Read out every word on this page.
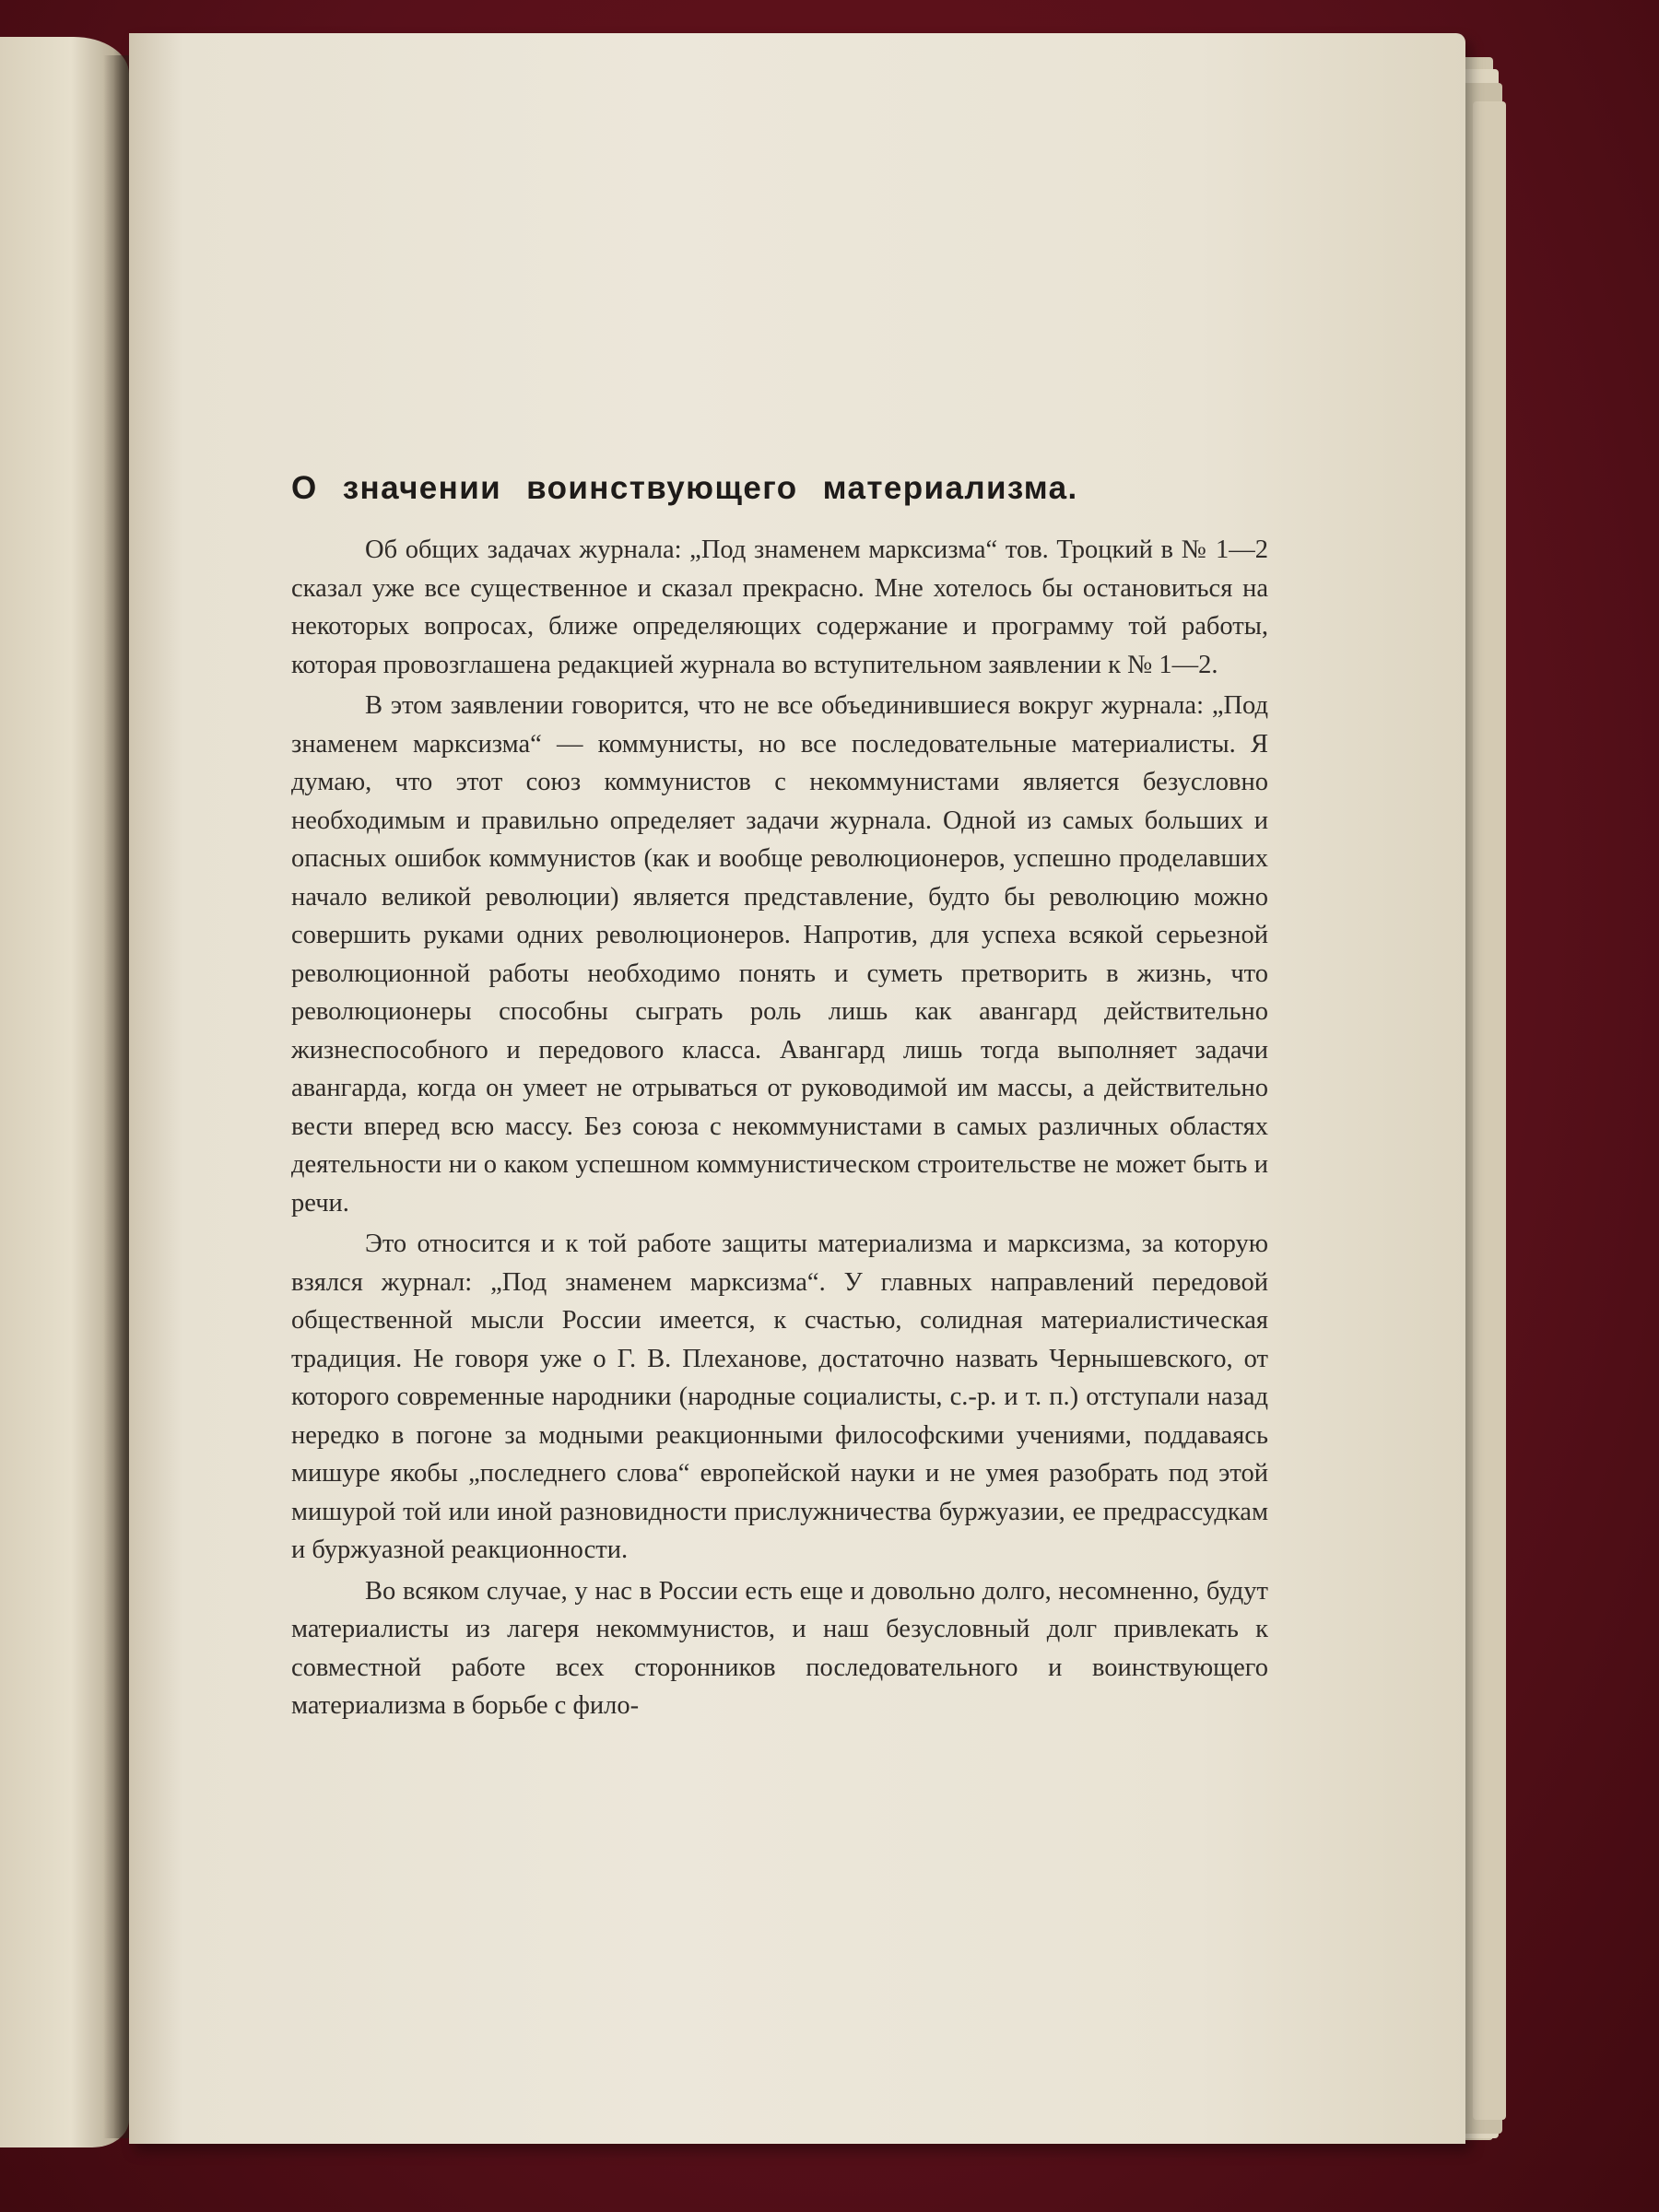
О значении воинствующего материализма.

Об общих задачах журнала: „Под знаменем марксизма“ тов. Троцкий в № 1—2 сказал уже все существенное и сказал прекрасно. Мне хотелось бы остановиться на некоторых вопросах, ближе определяющих содержание и программу той работы, которая провозглашена редакцией журнала во вступительном заявлении к № 1—2.

В этом заявлении говорится, что не все объединившиеся вокруг журнала: „Под знаменем марксизма“ — коммунисты, но все последовательные материалисты. Я думаю, что этот союз коммунистов с некоммунистами является безусловно необходимым и правильно определяет задачи журнала. Одной из самых больших и опасных ошибок коммунистов (как и вообще революционеров, успешно проделавших начало великой революции) является представление, будто бы революцию можно совершить руками одних революционеров. Напротив, для успеха всякой серьезной революционной работы необходимо понять и суметь претворить в жизнь, что революционеры способны сыграть роль лишь как авангард действительно жизнеспособного и передового класса. Авангард лишь тогда выполняет задачи авангарда, когда он умеет не отрываться от руководимой им массы, а действительно вести вперед всю массу. Без союза с некоммунистами в самых различных областях деятельности ни о каком успешном коммунистическом строительстве не может быть и речи.

Это относится и к той работе защиты материализма и марксизма, за которую взялся журнал: „Под знаменем марксизма“. У главных направлений передовой общественной мысли России имеется, к счастью, солидная материалистическая традиция. Не говоря уже о Г. В. Плеханове, достаточно назвать Чернышевского, от которого современные народники (народные социалисты, с.-р. и т. п.) отступали назад нередко в погоне за модными реакционными философскими учениями, поддаваясь мишуре якобы „последнего слова“ европейской науки и не умея разобрать под этой мишурой той или иной разновидности прислужничества буржуазии, ее предрассудкам и буржуазной реакционности.

Во всяком случае, у нас в России есть еще и довольно долго, несомненно, будут материалисты из лагеря некоммунистов, и наш безусловный долг привлекать к совместной работе всех сторонников последовательного и воинствующего материализма в борьбе с фило-
